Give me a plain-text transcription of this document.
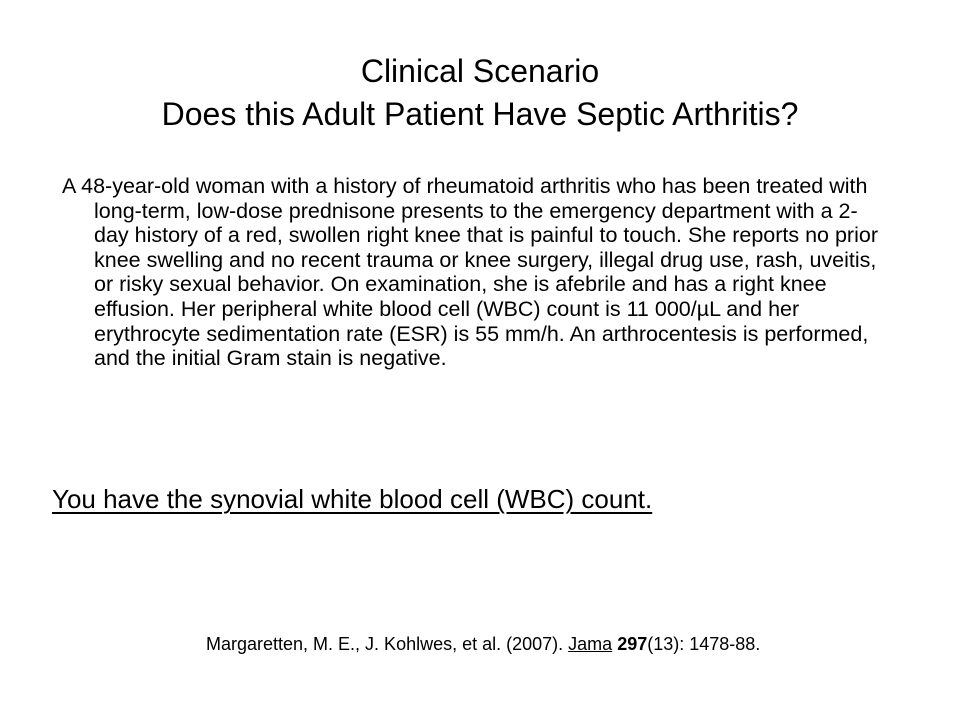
Clinical Scenario
Does this Adult Patient Have Septic Arthritis?

A 48-year-old woman with a history of rheumatoid arthritis who has been treated with long-term, low-dose prednisone presents to the emergency department with a 2-day history of a red, swollen right knee that is painful to touch. She reports no prior knee swelling and no recent trauma or knee surgery, illegal drug use, rash, uveitis, or risky sexual behavior. On examination, she is afebrile and has a right knee effusion. Her peripheral white blood cell (WBC) count is 11 000/µL and her erythrocyte sedimentation rate (ESR) is 55 mm/h. An arthrocentesis is performed, and the initial Gram stain is negative.

You have the synovial white blood cell (WBC) count.
Margaretten, M. E., J. Kohlwes, et al. (2007). Jama 297(13): 1478-88.
